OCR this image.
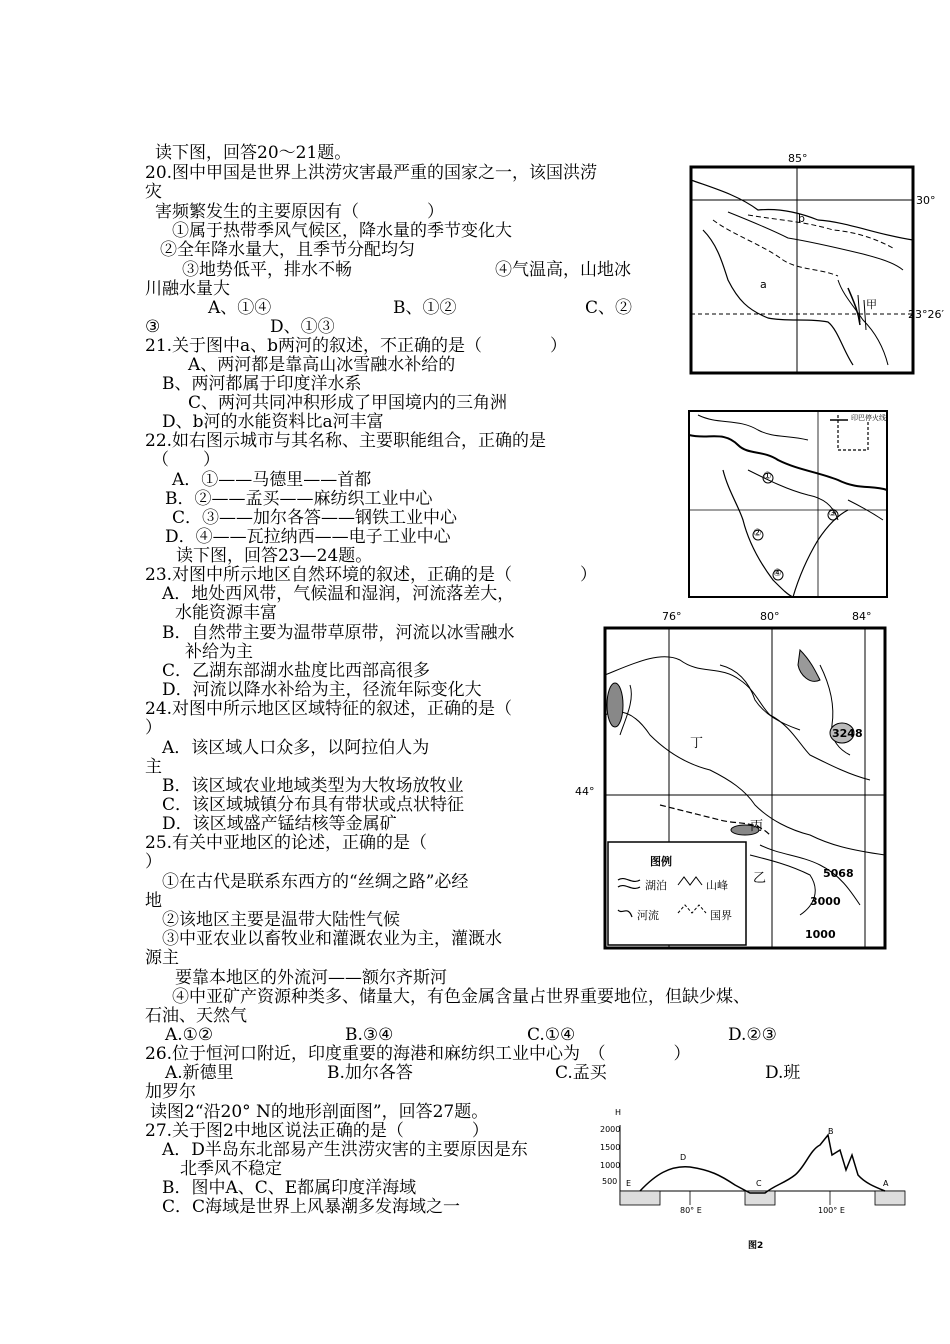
读下图，回答20～21题。
20.图中甲国是世界上洪涝灾害最严重的国家之一，该国洪涝
灾
害频繁发生的主要原因有（　　　　）
①属于热带季风气候区，降水量的季节变化大
②全年降水量大，且季节分配均匀
③地势低平，排水不畅	④气温高，山地冰
川融水量大
A、①④	B、①②	C、②
③	D、①③
21.关于图中a、b两河的叙述，不正确的是（　　　　）
A、两河都是靠高山冰雪融水补给的
B、两河都属于印度洋水系
C、两河共同冲积形成了甲国境内的三角洲
D、b河的水能资料比a河丰富
22.如右图示城市与其名称、主要职能组合，正确的是
（　　）
A．①——马德里——首都
B．②——孟买——麻纺织工业中心
C．③——加尔各答——钢铁工业中心
D．④——瓦拉纳西——电子工业中心
读下图，回答23—24题。
23.对图中所示地区自然环境的叙述，正确的是（　　　　）
A．地处西风带，气候温和湿润，河流落差大，
水能资源丰富
B．自然带主要为温带草原带，河流以冰雪融水
补给为主
C．乙湖东部湖水盐度比西部高很多
D．河流以降水补给为主，径流年际变化大
24.对图中所示地区区域特征的叙述，正确的是（
）
A．该区域人口众多，以阿拉伯人为
主
B．该区域农业地域类型为大牧场放牧业
C．该区域城镇分布具有带状或点状特征
D．该区域盛产锰结核等金属矿
25.有关中亚地区的论述，正确的是（
）
①在古代是联系东西方的“丝绸之路”必经
地
②该地区主要是温带大陆性气候
③中亚农业以畜牧业和灌溉农业为主，灌溉水
源主
要靠本地区的外流河——额尔齐斯河
④中亚矿产资源种类多、储量大，有色金属含量占世界重要地位，但缺少煤、
石油、天然气
A.①②	B.③④	C.①④	D.②③
26.位于恒河口附近，印度重要的海港和麻纺织工业中心为　（　　　　）
A.新德里	B.加尔各答	C.孟买	D.班
加罗尔
读图2“沿20° N的地形剖面图”，回答27题。
27.关于图2中地区说法正确的是（　　　　）
A．D半岛东北部易产生洪涝灾害的主要原因是东
北季风不稳定
B．图中A、C、E都属印度洋海域
C．C海域是世界上风暴潮多发海域之一
85°
30°
23°26′
a
b
甲
印巴停火线
①
②
③
④
76°	80°	84°
44°
3248
5068
3000
1000
丁
丙
乙
图例
湖泊	山峰
河流	国界
H
2000
1500
1000
500 E
D
C
B
A
80° E	100° E
图2
